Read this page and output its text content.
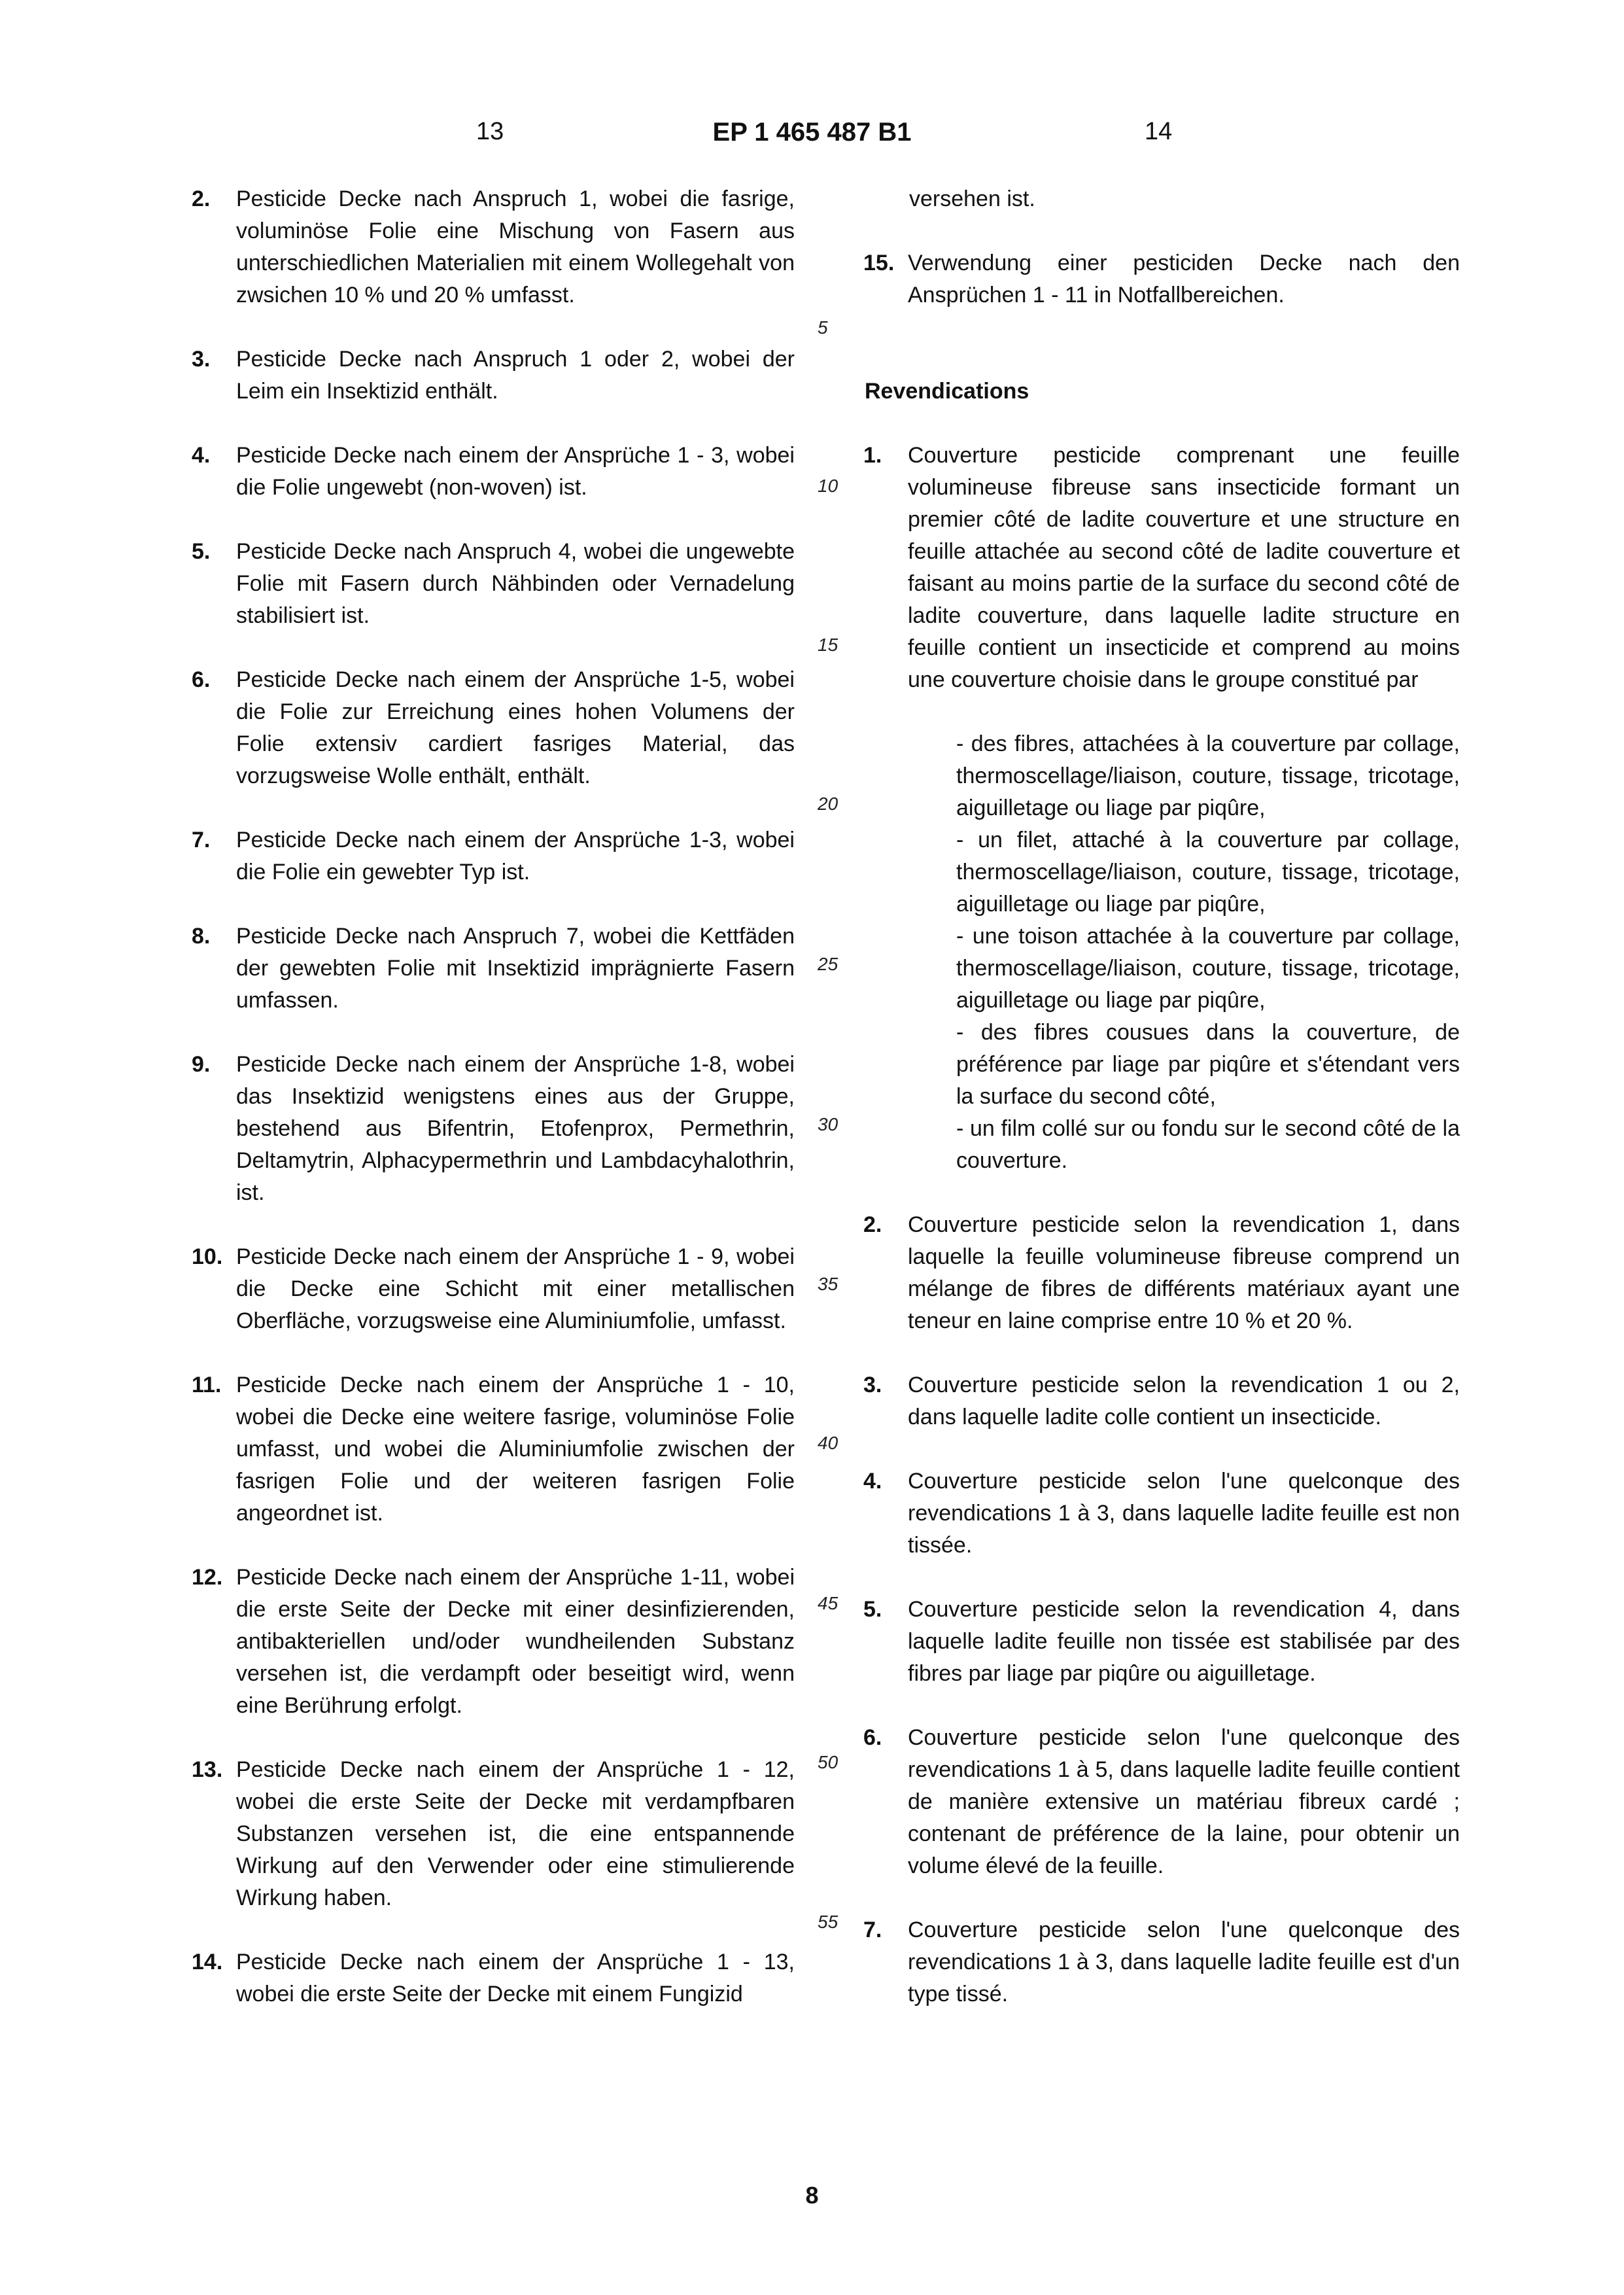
13	EP 1 465 487 B1	14
2.	Pesticide Decke nach Anspruch 1, wobei die fasrige, voluminöse Folie eine Mischung von Fasern aus unterschiedlichen Materialien mit einem Wollegehalt von zwsichen 10 % und 20 % umfasst.
3.	Pesticide Decke nach Anspruch 1 oder 2, wobei der Leim ein Insektizid enthält.
4.	Pesticide Decke nach einem der Ansprüche 1 - 3, wobei die Folie ungewebt (non-woven) ist.
5.	Pesticide Decke nach Anspruch 4, wobei die ungewebte Folie mit Fasern durch Nähbinden oder Vernadelung stabilisiert ist.
6.	Pesticide Decke nach einem der Ansprüche 1-5, wobei die Folie zur Erreichung eines hohen Volumens der Folie extensiv cardiert fasriges Material, das vorzugsweise Wolle enthält, enthält.
7.	Pesticide Decke nach einem der Ansprüche 1-3, wobei die Folie ein gewebter Typ ist.
8.	Pesticide Decke nach Anspruch 7, wobei die Kettfäden der gewebten Folie mit Insektizid imprägnierte Fasern umfassen.
9.	Pesticide Decke nach einem der Ansprüche 1-8, wobei das Insektizid wenigstens eines aus der Gruppe, bestehend aus Bifentrin, Etofenprox, Permethrin, Deltamytrin, Alphacypermethrin und Lambdacyhalothrin, ist.
10. Pesticide Decke nach einem der Ansprüche 1 - 9, wobei die Decke eine Schicht mit einer metallischen Oberfläche, vorzugsweise eine Aluminiumfolie, umfasst.
11. Pesticide Decke nach einem der Ansprüche 1 - 10, wobei die Decke eine weitere fasrige, voluminöse Folie umfasst, und wobei die Aluminiumfolie zwischen der fasrigen Folie und der weiteren fasrigen Folie angeordnet ist.
12. Pesticide Decke nach einem der Ansprüche 1-11, wobei die erste Seite der Decke mit einer desinfizierenden, antibakteriellen und/oder wundheilenden Substanz versehen ist, die verdampft oder beseitigt wird, wenn eine Berührung erfolgt.
13. Pesticide Decke nach einem der Ansprüche 1 - 12, wobei die erste Seite der Decke mit verdampfbaren Substanzen versehen ist, die eine entspannende Wirkung auf den Verwender oder eine stimulierende Wirkung haben.
14. Pesticide Decke nach einem der Ansprüche 1 - 13, wobei die erste Seite der Decke mit einem Fungizid
5
10
15
20
25
30
35
40
45
50
55
versehen ist.
15. Verwendung einer pesticiden Decke nach den Ansprüchen 1 - 11 in Notfallbereichen.
Revendications
1.	Couverture pesticide comprenant une feuille volumineuse fibreuse sans insecticide formant un premier côté de ladite couverture et une structure en feuille attachée au second côté de ladite couverture et faisant au moins partie de la surface du second côté de ladite couverture, dans laquelle ladite structure en feuille contient un insecticide et comprend au moins une couverture choisie dans le groupe constitué par
- des fibres, attachées à la couverture par collage, thermoscellage/liaison, couture, tissage, tricotage, aiguilletage ou liage par piqûre,
- un filet, attaché à la couverture par collage, thermoscellage/liaison, couture, tissage, tricotage, aiguilletage ou liage par piqûre,
- une toison attachée à la couverture par collage, thermoscellage/liaison, couture, tissage, tricotage, aiguilletage ou liage par piqûre,
- des fibres cousues dans la couverture, de préférence par liage par piqûre et s'étendant vers la surface du second côté,
- un film collé sur ou fondu sur le second côté de la couverture.
2.	Couverture pesticide selon la revendication 1, dans laquelle la feuille volumineuse fibreuse comprend un mélange de fibres de différents matériaux ayant une teneur en laine comprise entre 10 % et 20 %.
3.	Couverture pesticide selon la revendication 1 ou 2, dans laquelle ladite colle contient un insecticide.
4.	Couverture pesticide selon l'une quelconque des revendications 1 à 3, dans laquelle ladite feuille est non tissée.
5.	Couverture pesticide selon la revendication 4, dans laquelle ladite feuille non tissée est stabilisée par des fibres par liage par piqûre ou aiguilletage.
6.	Couverture pesticide selon l'une quelconque des revendications 1 à 5, dans laquelle ladite feuille contient de manière extensive un matériau fibreux cardé ; contenant de préférence de la laine, pour obtenir un volume élevé de la feuille.
7.	Couverture pesticide selon l'une quelconque des revendications 1 à 3, dans laquelle ladite feuille est d'un type tissé.
8
